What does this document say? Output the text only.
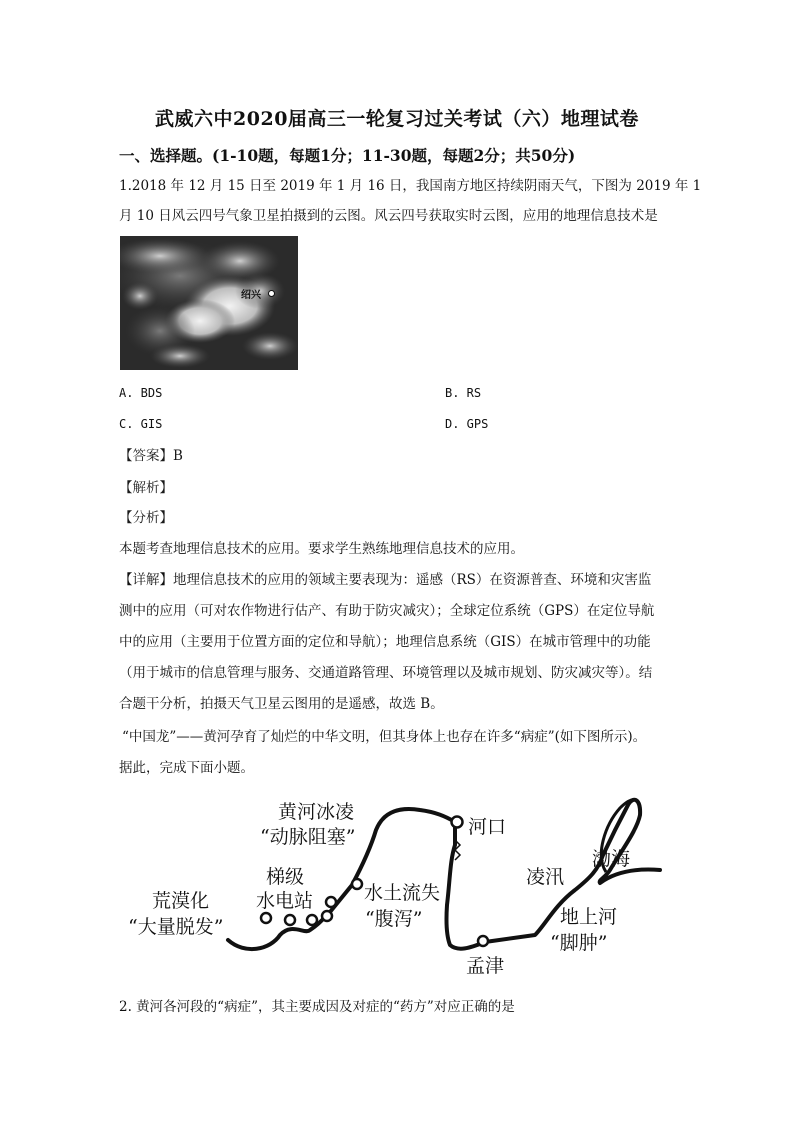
武威六中2020届高三一轮复习过关考试（六）地理试卷
一、选择题。(1-10题，每题1分；11-30题，每题2分；共50分)
1.2018 年 12 月 15 日至 2019 年 1 月 16 日，我国南方地区持续阴雨天气，下图为 2019 年 1
月 10 日风云四号气象卫星拍摄到的云图。风云四号获取实时云图，应用的地理信息技术是
绍兴
A. BDS	B. RS
C. GIS	D. GPS
【答案】B
【解析】
【分析】
本题考查地理信息技术的应用。要求学生熟练地理信息技术的应用。
【详解】地理信息技术的应用的领域主要表现为：遥感（RS）在资源普查、环境和灾害监
测中的应用（可对农作物进行估产、有助于防灾减灾）；全球定位系统（GPS）在定位导航
中的应用（主要用于位置方面的定位和导航）；地理信息系统（GIS）在城市管理中的功能
（用于城市的信息管理与服务、交通道路管理、环境管理以及城市规划、防灾减灾等）。结
合题干分析，拍摄天气卫星云图用的是遥感，故选 B。
“中国龙”——黄河孕育了灿烂的中华文明，但其身体上也存在许多“病症”(如下图所示)。
据此，完成下面小题。
黄河冰凌
“动脉阻塞”	河口
渤海
凌汛
梯级
水电站	水土流失
“腹泻”
荒漠化
“大量脱发”	地上河
“脚肿”
孟津
2. 黄河各河段的“病症”，其主要成因及对症的“药方”对应正确的是
